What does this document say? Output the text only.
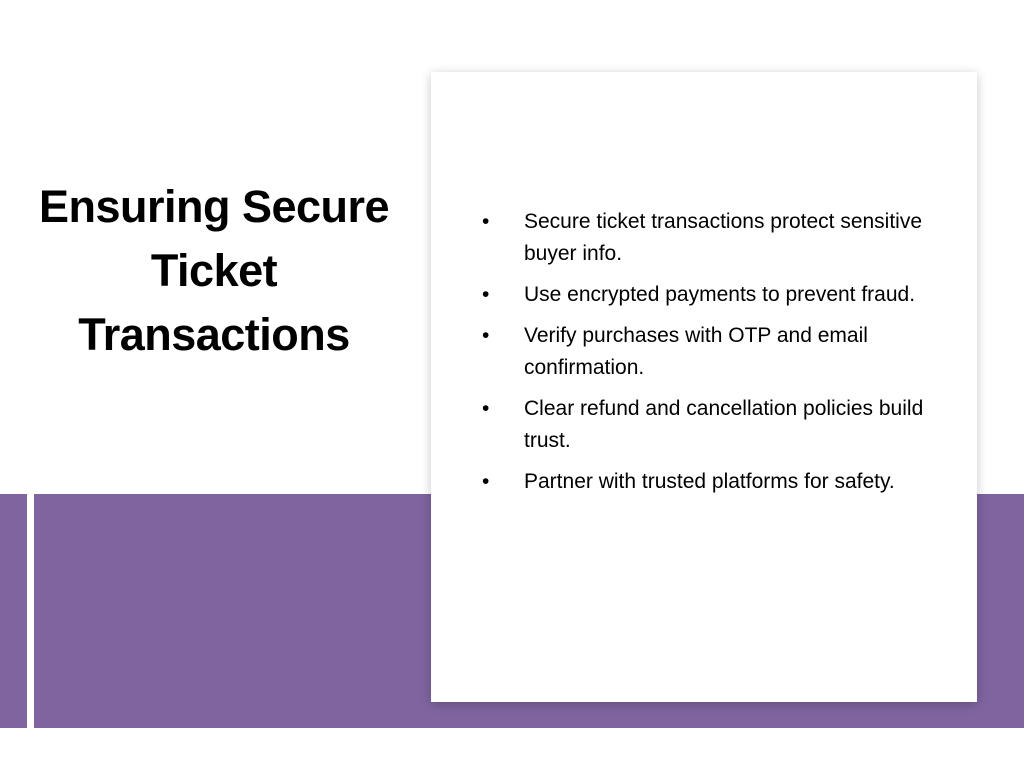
Ensuring Secure Ticket Transactions
•	Secure ticket transactions protect sensitive buyer info.
•	Use encrypted payments to prevent fraud.
•	Verify purchases with OTP and email confirmation.
•	Clear refund and cancellation policies build trust.
•	Partner with trusted platforms for safety.
